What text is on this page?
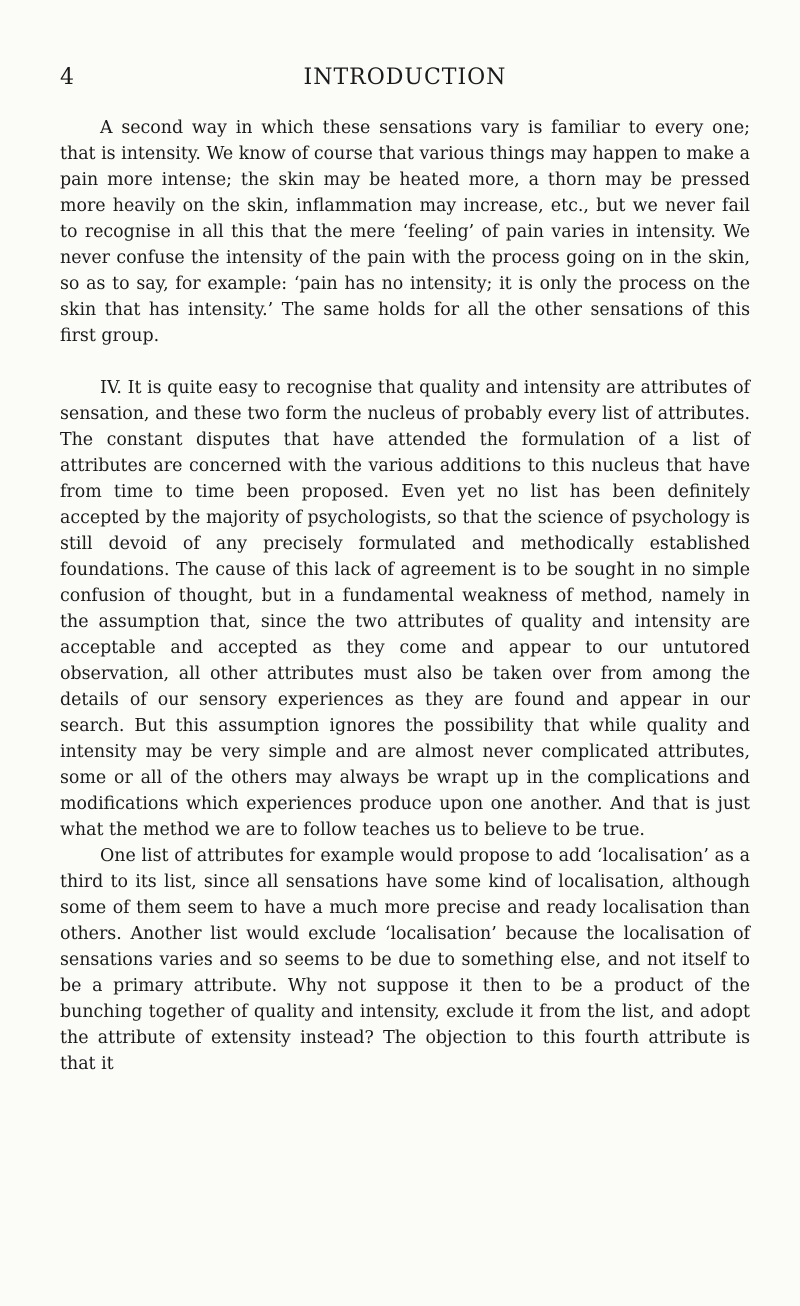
4	INTRODUCTION

A second way in which these sensations vary is familiar to every one; that is intensity. We know of course that various things may happen to make a pain more intense; the skin may be heated more, a thorn may be pressed more heavily on the skin, inflammation may increase, etc., but we never fail to recognise in all this that the mere ‘feeling’ of pain varies in intensity. We never confuse the intensity of the pain with the process going on in the skin, so as to say, for example: ‘pain has no intensity; it is only the process on the skin that has intensity.’ The same holds for all the other sensations of this first group.

IV. It is quite easy to recognise that quality and intensity are attributes of sensation, and these two form the nucleus of probably every list of attributes. The constant disputes that have attended the formulation of a list of attributes are concerned with the various additions to this nucleus that have from time to time been proposed. Even yet no list has been definitely accepted by the majority of psychologists, so that the science of psychology is still devoid of any precisely formulated and methodically established foundations. The cause of this lack of agreement is to be sought in no simple confusion of thought, but in a fundamental weakness of method, namely in the assumption that, since the two attributes of quality and intensity are acceptable and accepted as they come and appear to our untutored observation, all other attributes must also be taken over from among the details of our sensory experiences as they are found and appear in our search. But this assumption ignores the possibility that while quality and intensity may be very simple and are almost never complicated attributes, some or all of the others may always be wrapt up in the complications and modifications which experiences produce upon one another. And that is just what the method we are to follow teaches us to believe to be true.

One list of attributes for example would propose to add ‘localisation’ as a third to its list, since all sensations have some kind of localisation, although some of them seem to have a much more precise and ready localisation than others. Another list would exclude ‘localisation’ because the localisation of sensations varies and so seems to be due to something else, and not itself to be a primary attribute. Why not suppose it then to be a product of the bunching together of quality and intensity, exclude it from the list, and adopt the attribute of extensity instead? The objection to this fourth attribute is that it
